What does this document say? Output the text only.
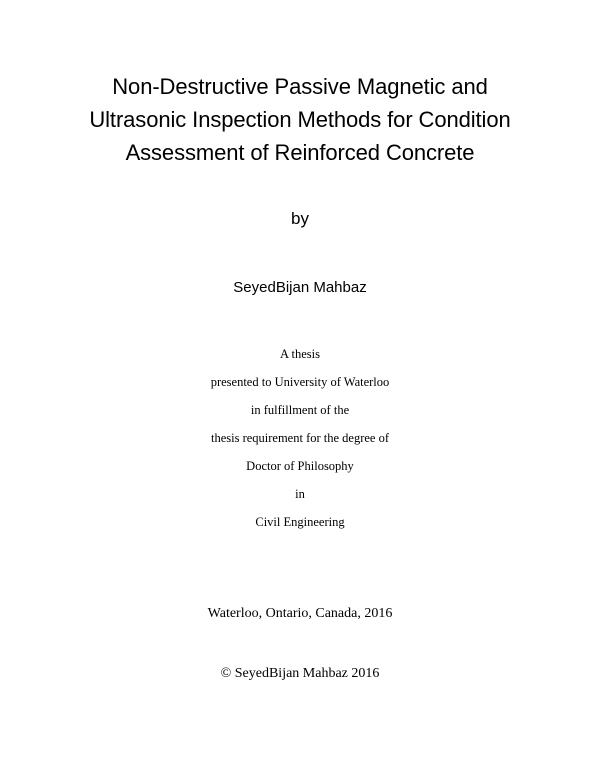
Non-Destructive Passive Magnetic and
Ultrasonic Inspection Methods for Condition
Assessment of Reinforced Concrete
by
SeyedBijan Mahbaz
A thesis
presented to University of Waterloo
in fulfillment of the
thesis requirement for the degree of
Doctor of Philosophy
in
Civil Engineering
Waterloo, Ontario, Canada, 2016
© SeyedBijan Mahbaz 2016
